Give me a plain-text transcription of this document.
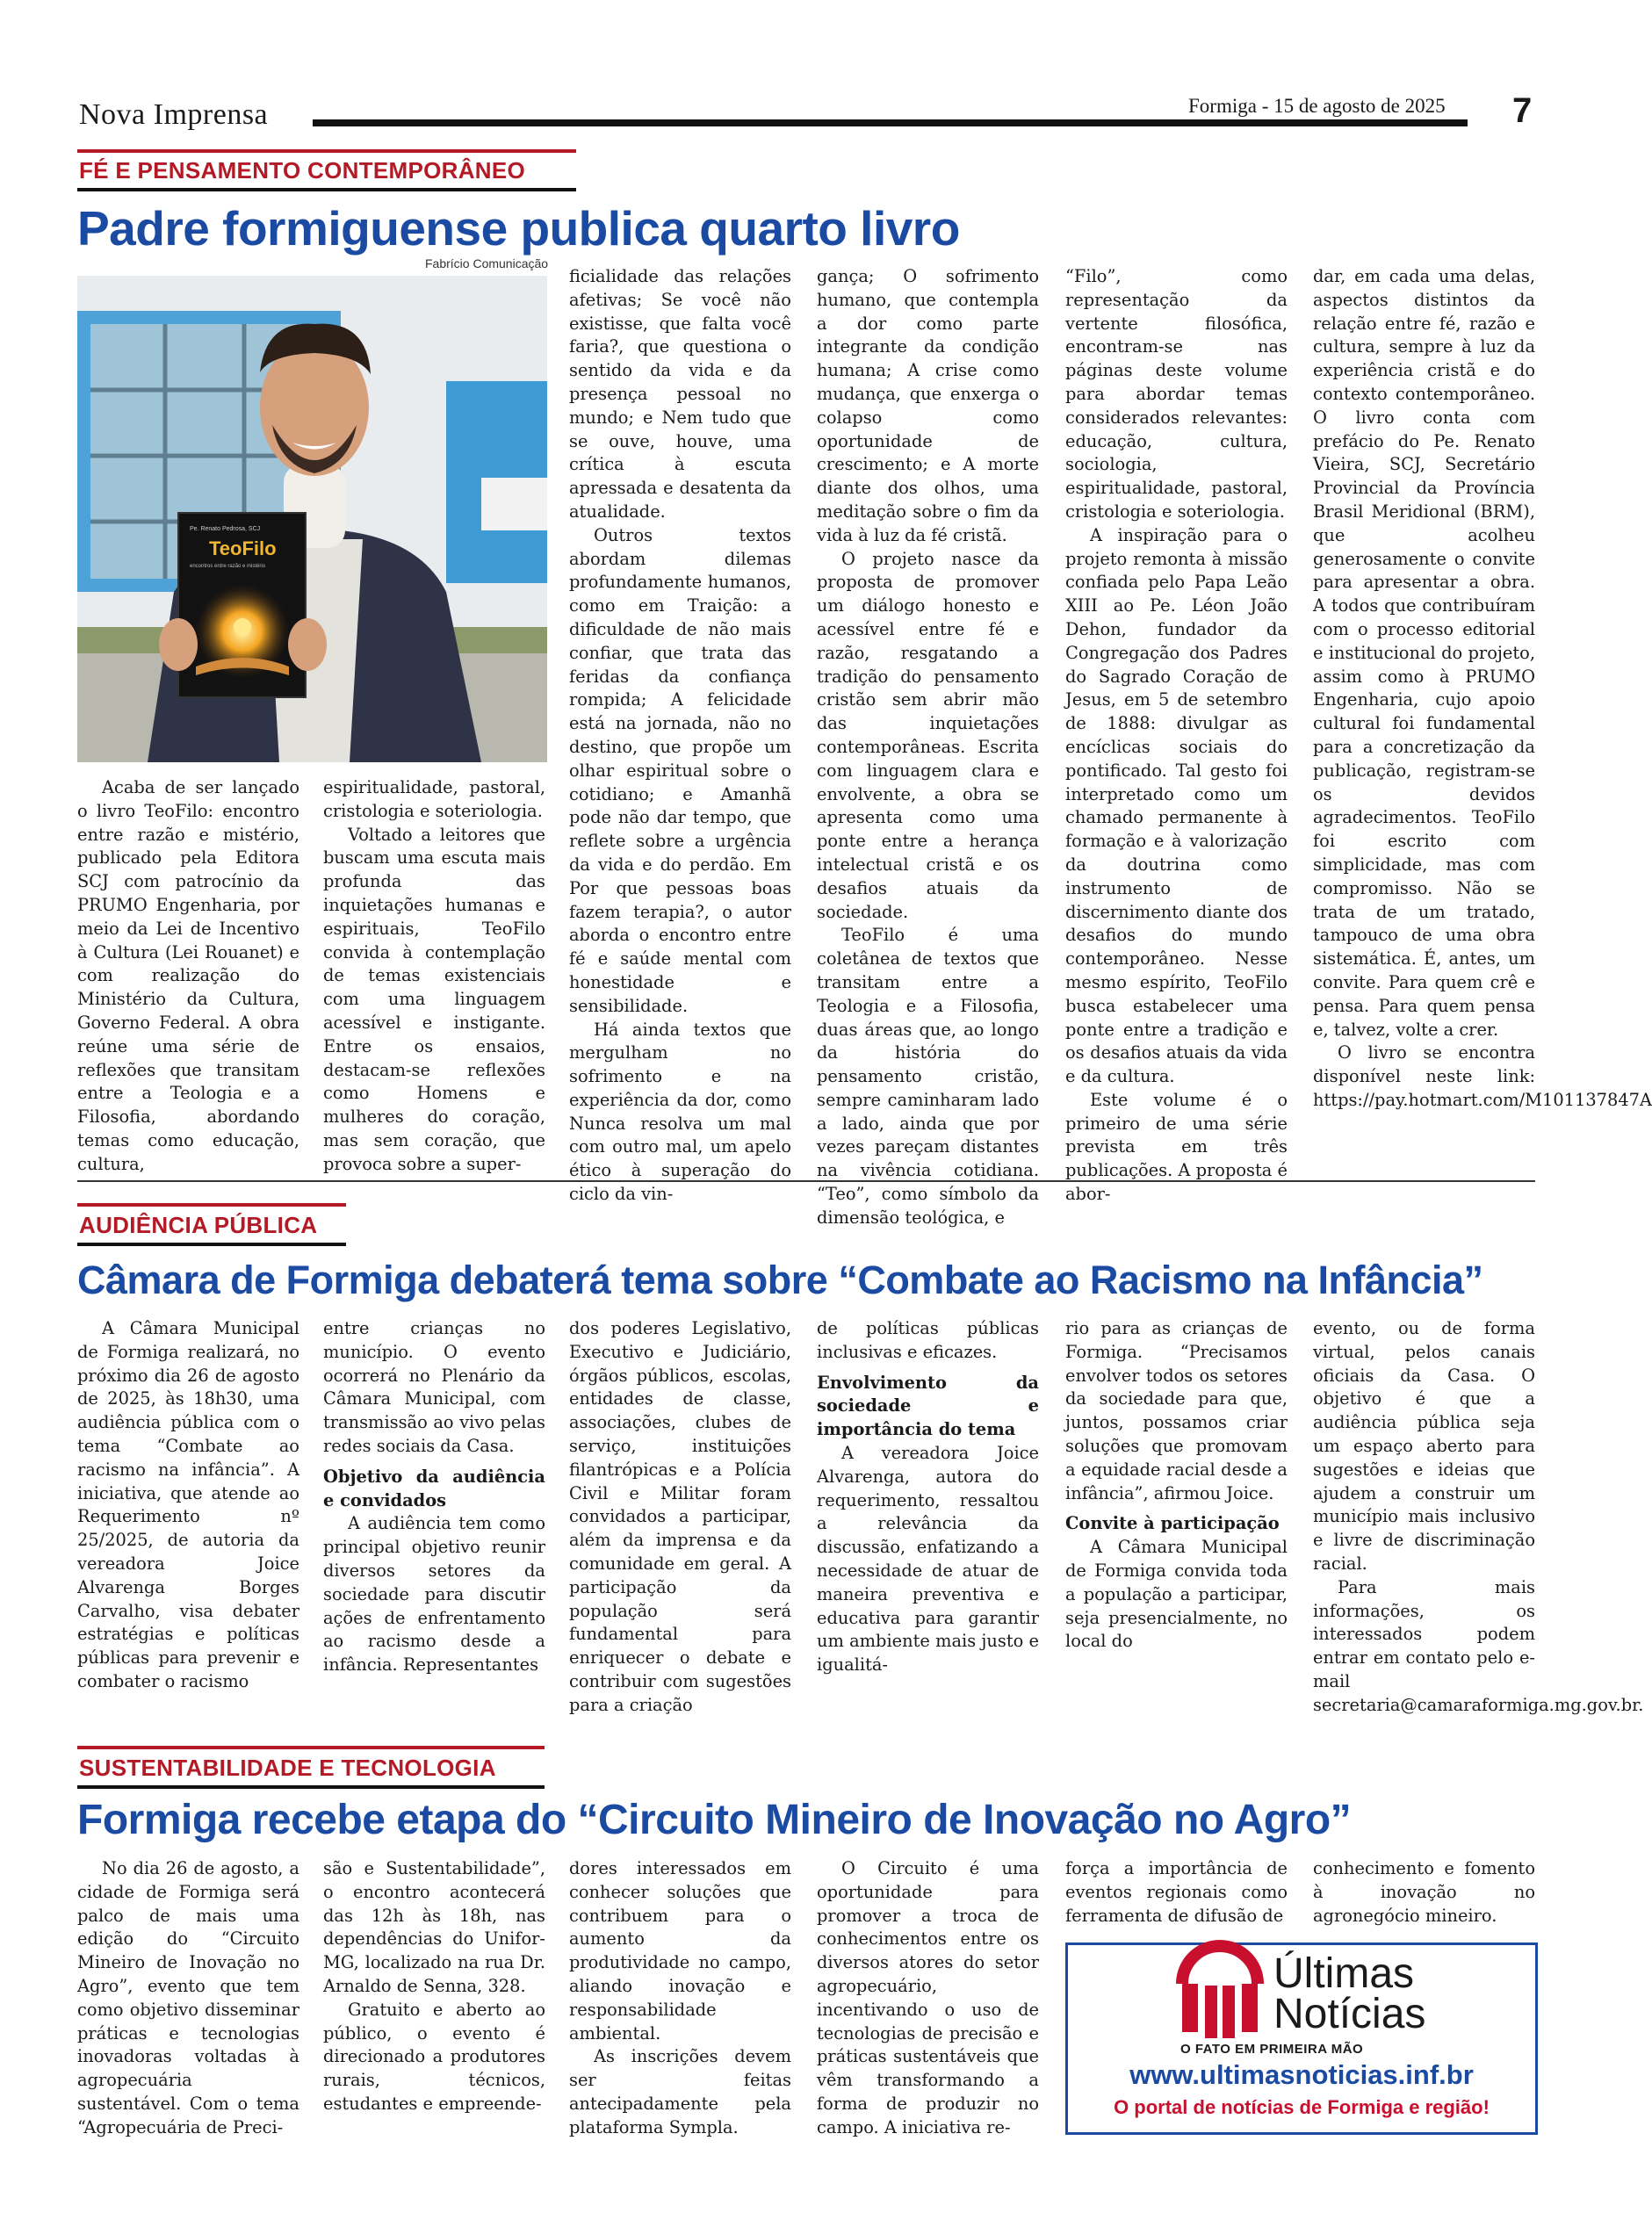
Nova Imprensa	Formiga - 15 de agosto de 2025 7
FÉ E PENSAMENTO CONTEMPORÂNEO
Padre formiguense publica quarto livro
Fabrício Comunicação
TeoFilo
Pe. Renato Pedrosa, SCJ
encontros entre razão e mistério

Acaba de ser lançado o livro TeoFilo: encontro entre razão e mistério, publicado pela Editora SCJ com patrocínio da PRUMO Engenharia, por meio da Lei de Incentivo à Cultura (Lei Rouanet) e com realização do Ministério da Cultura, Governo Federal. A obra reúne uma série de reflexões que transitam entre a Teologia e a Filosofia, abordando temas como educação, cultura,

espiritualidade, pastoral, cristologia e soteriologia.

Voltado a leitores que buscam uma escuta mais profunda das inquietações humanas e espirituais, TeoFilo convida à contemplação de temas existenciais com uma linguagem acessível e instigante. Entre os ensaios, destacam-se reflexões como Homens e mulheres do coração, mas sem coração, que provoca sobre a super-

ficialidade das relações afetivas; Se você não existisse, que falta você faria?, que questiona o sentido da vida e da presença pessoal no mundo; e Nem tudo que se ouve, houve, uma crítica à escuta apressada e desatenta da atualidade.

Outros textos abordam dilemas profundamente humanos, como em Traição: a dificuldade de não mais confiar, que trata das feridas da confiança rompida; A felicidade está na jornada, não no destino, que propõe um olhar espiritual sobre o cotidiano; e Amanhã pode não dar tempo, que reflete sobre a urgência da vida e do perdão. Em Por que pessoas boas fazem terapia?, o autor aborda o encontro entre fé e saúde mental com honestidade e sensibilidade.

Há ainda textos que mergulham no sofrimento e na experiência da dor, como Nunca resolva um mal com outro mal, um apelo ético à superação do ciclo da vin-

gança; O sofrimento humano, que contempla a dor como parte integrante da condição humana; A crise como mudança, que enxerga o colapso como oportunidade de crescimento; e A morte diante dos olhos, uma meditação sobre o fim da vida à luz da fé cristã.

O projeto nasce da proposta de promover um diálogo honesto e acessível entre fé e razão, resgatando a tradição do pensamento cristão sem abrir mão das inquietações contemporâneas. Escrita com linguagem clara e envolvente, a obra se apresenta como uma ponte entre a herança intelectual cristã e os desafios atuais da sociedade.

TeoFilo é uma coletânea de textos que transitam entre a Teologia e a Filosofia, duas áreas que, ao longo da história do pensamento cristão, sempre caminharam lado a lado, ainda que por vezes pareçam distantes na vivência cotidiana. “Teo”, como símbolo da dimensão teológica, e

“Filo”, como representação da vertente filosófica, encontram-se nas páginas deste volume para abordar temas considerados relevantes: educação, cultura, sociologia, espiritualidade, pastoral, cristologia e soteriologia.

A inspiração para o projeto remonta à missão confiada pelo Papa Leão XIII ao Pe. Léon João Dehon, fundador da Congregação dos Padres do Sagrado Coração de Jesus, em 5 de setembro de 1888: divulgar as encíclicas sociais do pontificado. Tal gesto foi interpretado como um chamado permanente à formação e à valorização da doutrina como instrumento de discernimento diante dos desafios do mundo contemporâneo. Nesse mesmo espírito, TeoFilo busca estabelecer uma ponte entre a tradição e os desafios atuais da vida e da cultura.

Este volume é o primeiro de uma série prevista em três publicações. A proposta é abor-

dar, em cada uma delas, aspectos distintos da relação entre fé, razão e cultura, sempre à luz da experiência cristã e do contexto contemporâneo. O livro conta com prefácio do Pe. Renato Vieira, SCJ, Secretário Provincial da Província Brasil Meridional (BRM), que acolheu generosamente o convite para apresentar a obra. A todos que contribuíram com o processo editorial e institucional do projeto, assim como à PRUMO Engenharia, cujo apoio cultural foi fundamental para a concretização da publicação, registram-se os devidos agradecimentos. TeoFilo foi escrito com simplicidade, mas com compromisso. Não se trata de um tratado, tampouco de uma obra sistemática. É, antes, um convite. Para quem crê e pensa. Para quem pensa e, talvez, volte a crer.

O livro se encontra disponível neste link: https://pay.hotmart.com/M101137847A

AUDIÊNCIA PÚBLICA
Câmara de Formiga debaterá tema sobre “Combate ao Racismo na Infância”

A Câmara Municipal de Formiga realizará, no próximo dia 26 de agosto de 2025, às 18h30, uma audiência pública com o tema “Combate ao racismo na infância”. A iniciativa, que atende ao Requerimento nº 25/2025, de autoria da vereadora Joice Alvarenga Borges Carvalho, visa debater estratégias e políticas públicas para prevenir e combater o racismo

entre crianças no município. O evento ocorrerá no Plenário da Câmara Municipal, com transmissão ao vivo pelas redes sociais da Casa.

Objetivo da audiência e convidados

A audiência tem como principal objetivo reunir diversos setores da sociedade para discutir ações de enfrentamento ao racismo desde a infância. Representantes

dos poderes Legislativo, Executivo e Judiciário, órgãos públicos, escolas, entidades de classe, associações, clubes de serviço, instituições filantrópicas e a Polícia Civil e Militar foram convidados a participar, além da imprensa e da comunidade em geral. A participação da população será fundamental para enriquecer o debate e contribuir com sugestões para a criação

de políticas públicas inclusivas e eficazes.

Envolvimento da sociedade e importância do tema

A vereadora Joice Alvarenga, autora do requerimento, ressaltou a relevância da discussão, enfatizando a necessidade de atuar de maneira preventiva e educativa para garantir um ambiente mais justo e igualitá-

rio para as crianças de Formiga. “Precisamos envolver todos os setores da sociedade para que, juntos, possamos criar soluções que promovam a equidade racial desde a infância”, afirmou Joice.

Convite à participação

A Câmara Municipal de Formiga convida toda a população a participar, seja presencialmente, no local do

evento, ou de forma virtual, pelos canais oficiais da Casa. O objetivo é que a audiência pública seja um espaço aberto para sugestões e ideias que ajudem a construir um município mais inclusivo e livre de discriminação racial.

Para mais informações, os interessados podem entrar em contato pelo e-mail secretaria@camaraformiga.mg.gov.br.

SUSTENTABILIDADE E TECNOLOGIA
Formiga recebe etapa do “Circuito Mineiro de Inovação no Agro”

No dia 26 de agosto, a cidade de Formiga será palco de mais uma edição do “Circuito Mineiro de Inovação no Agro”, evento que tem como objetivo disseminar práticas e tecnologias inovadoras voltadas à agropecuária sustentável. Com o tema “Agropecuária de Preci-

são e Sustentabilidade”, o encontro acontecerá das 12h às 18h, nas dependências do Unifor-MG, localizado na rua Dr. Arnaldo de Senna, 328.

Gratuito e aberto ao público, o evento é direcionado a produtores rurais, técnicos, estudantes e empreende-

dores interessados em conhecer soluções que contribuem para o aumento da produtividade no campo, aliando inovação e responsabilidade ambiental.

As inscrições devem ser feitas antecipadamente pela plataforma Sympla.

O Circuito é uma oportunidade para promover a troca de conhecimentos entre os diversos atores do setor agropecuário, incentivando o uso de tecnologias de precisão e práticas sustentáveis que vêm transformando a forma de produzir no campo. A iniciativa re-

força a importância de eventos regionais como ferramenta de difusão de

conhecimento e fomento à inovação no agronegócio mineiro.

Últimas
Notícias
O FATO EM PRIMEIRA MÃO
www.ultimasnoticias.inf.br
O portal de notícias de Formiga e região!
